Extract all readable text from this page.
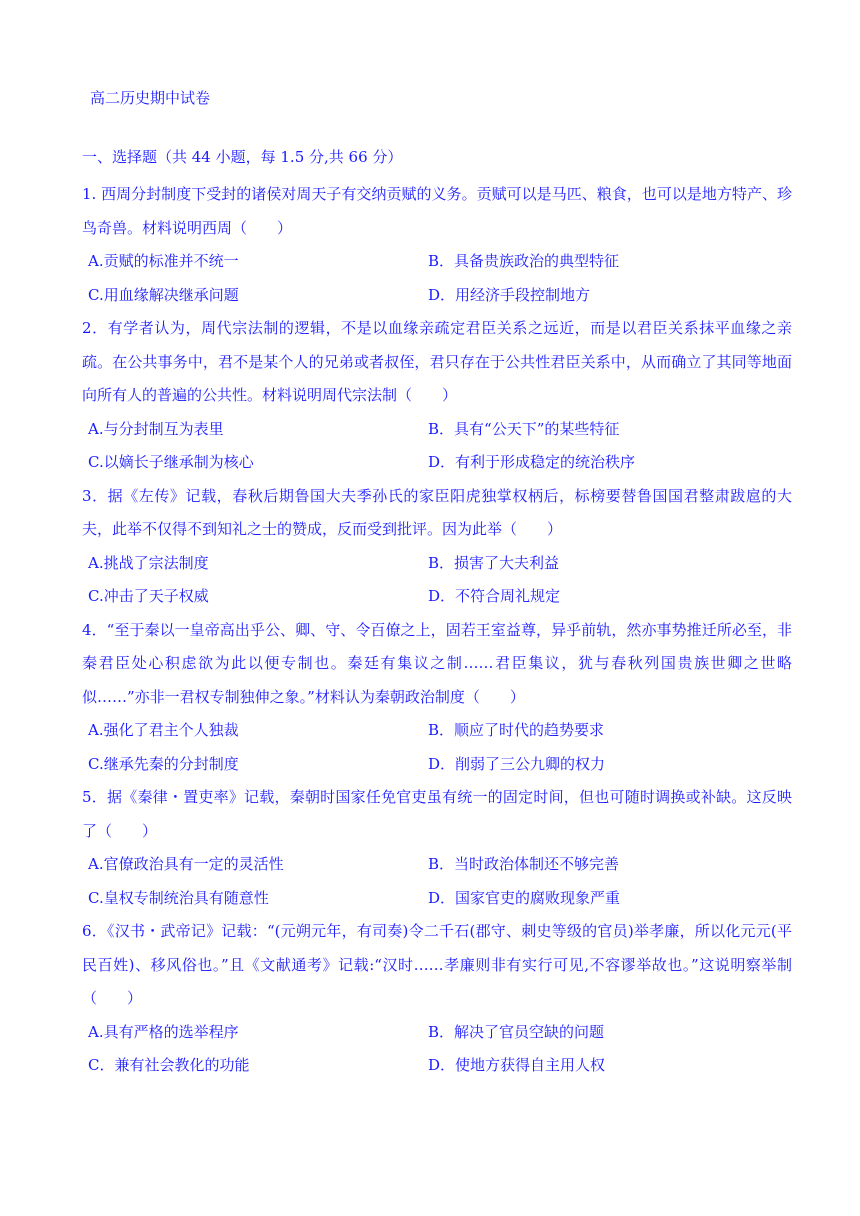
高二历史期中试卷
一、选择题（共 44 小题，每 1.5 分,共 66 分）

1. 西周分封制度下受封的诸侯对周天子有交纳贡赋的义务。贡赋可以是马匹、粮食，也可以是地方特产、珍鸟奇兽。材料说明西周（　　）

A.贡赋的标准并不统一	B．具备贵族政治的典型特征
C.用血缘解决继承问题	D．用经济手段控制地方

2．有学者认为，周代宗法制的逻辑，不是以血缘亲疏定君臣关系之远近，而是以君臣关系抹平血缘之亲疏。在公共事务中，君不是某个人的兄弟或者叔侄，君只存在于公共性君臣关系中，从而确立了其同等地面向所有人的普遍的公共性。材料说明周代宗法制（　　）

A.与分封制互为表里	B．具有“公天下”的某些特征
C.以嫡长子继承制为核心	D．有利于形成稳定的统治秩序

3．据《左传》记载，春秋后期鲁国大夫季孙氏的家臣阳虎独掌权柄后，标榜要替鲁国国君整肃跋扈的大夫，此举不仅得不到知礼之士的赞成，反而受到批评。因为此举（　　）

A.挑战了宗法制度	B．损害了大夫利益
C.冲击了天子权威	D．不符合周礼规定

4．“至于秦以一皇帝高出乎公、卿、守、令百僚之上，固若王室益尊，异乎前轨，然亦事势推迁所必至，非秦君臣处心积虑欲为此以便专制也。秦廷有集议之制……君臣集议，犹与春秋列国贵族世卿之世略似……”亦非一君权专制独伸之象。”材料认为秦朝政治制度（　　）

A.强化了君主个人独裁	B．顺应了时代的趋势要求
C.继承先秦的分封制度	D．削弱了三公九卿的权力

5．据《秦律・置吏率》记载，秦朝时国家任免官吏虽有统一的固定时间，但也可随时调换或补缺。这反映了（　　）

A.官僚政治具有一定的灵活性	B．当时政治体制还不够完善
C.皇权专制统治具有随意性	D．国家官吏的腐败现象严重

6．《汉书・武帝记》记载：“(元朔元年，有司奏)令二千石(郡守、刺史等级的官员)举孝廉，所以化元元(平民百姓)、移风俗也。”且《文献通考》记载:“汉时……孝廉则非有实行可见,不容谬举故也。”这说明察举制（　　）

A.具有严格的选举程序	B．解决了官员空缺的问题
C．兼有社会教化的功能	D．使地方获得自主用人权
